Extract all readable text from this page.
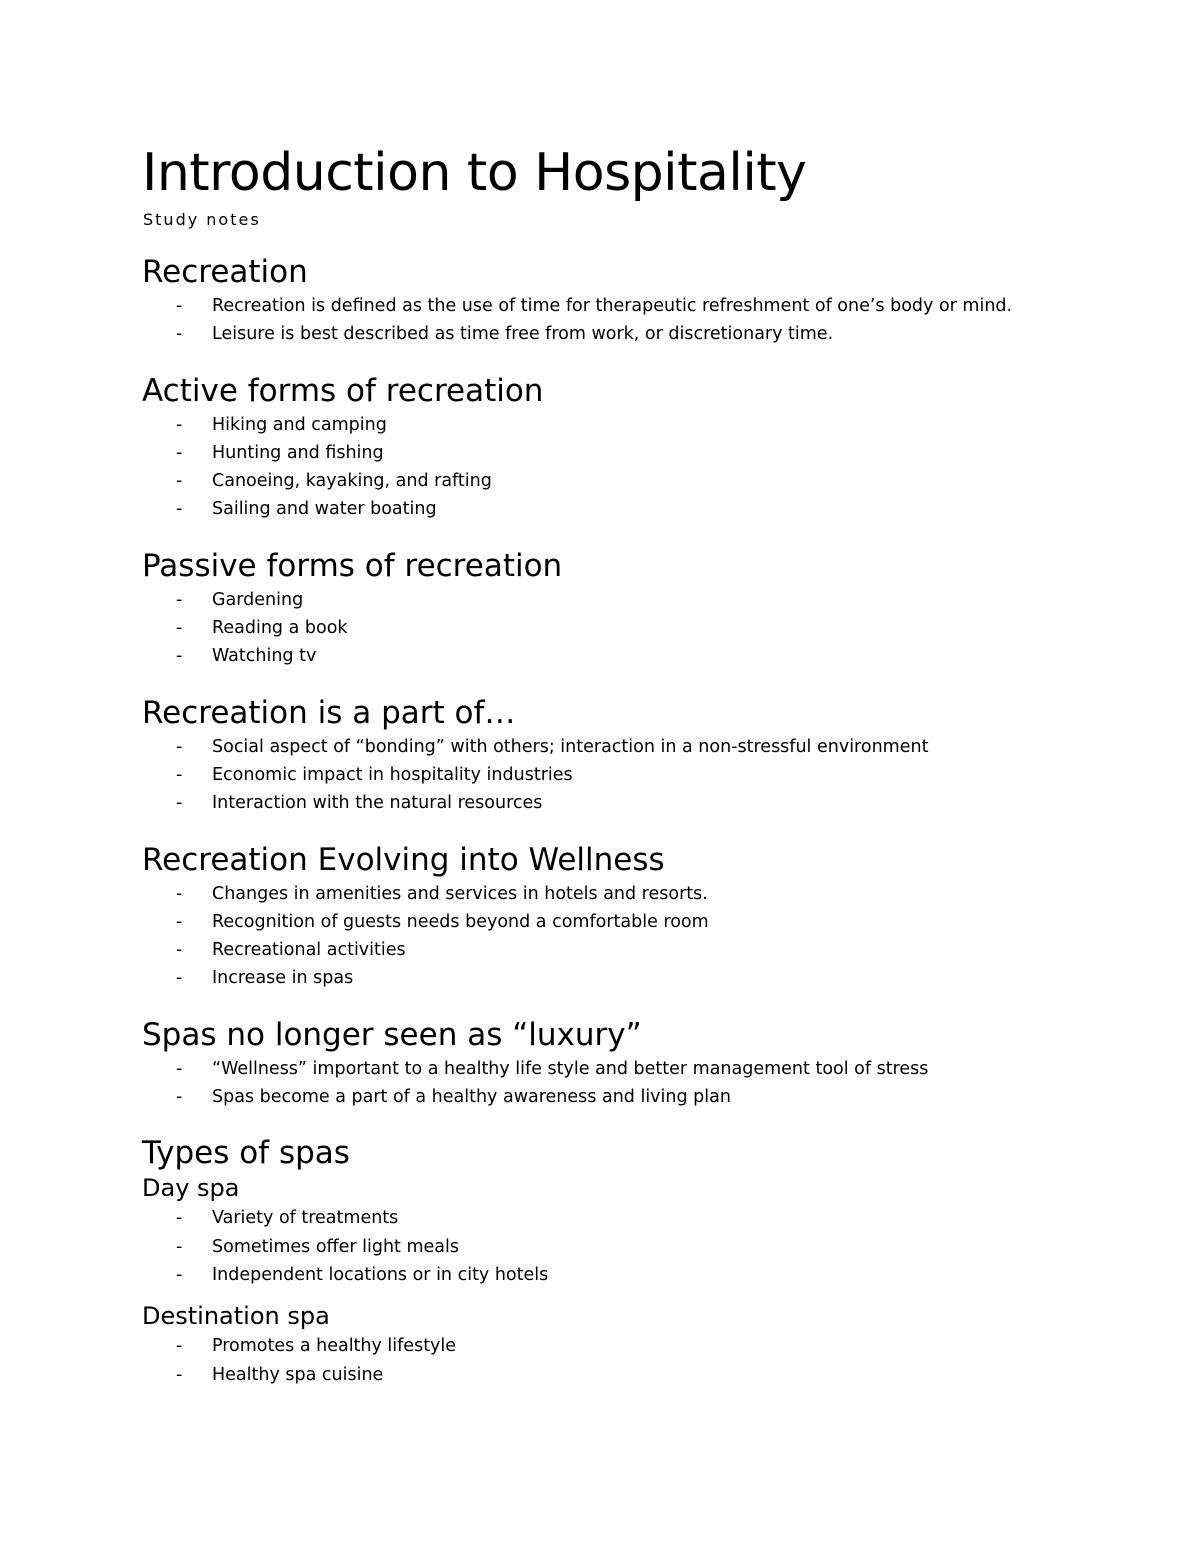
Introduction to Hospitality
Study notes
Recreation
- Recreation is defined as the use of time for therapeutic refreshment of one’s body or mind.
- Leisure is best described as time free from work, or discretionary time.
Active forms of recreation
- Hiking and camping
- Hunting and fishing
- Canoeing, kayaking, and rafting
- Sailing and water boating
Passive forms of recreation
- Gardening
- Reading a book
- Watching tv
Recreation is a part of…
- Social aspect of “bonding” with others; interaction in a non-stressful environment
- Economic impact in hospitality industries
- Interaction with the natural resources
Recreation Evolving into Wellness
- Changes in amenities and services in hotels and resorts.
- Recognition of guests needs beyond a comfortable room
- Recreational activities
- Increase in spas
Spas no longer seen as “luxury”
- “Wellness” important to a healthy life style and better management tool of stress
- Spas become a part of a healthy awareness and living plan
Types of spas
Day spa
- Variety of treatments
- Sometimes offer light meals
- Independent locations or in city hotels
Destination spa
- Promotes a healthy lifestyle
- Healthy spa cuisine
